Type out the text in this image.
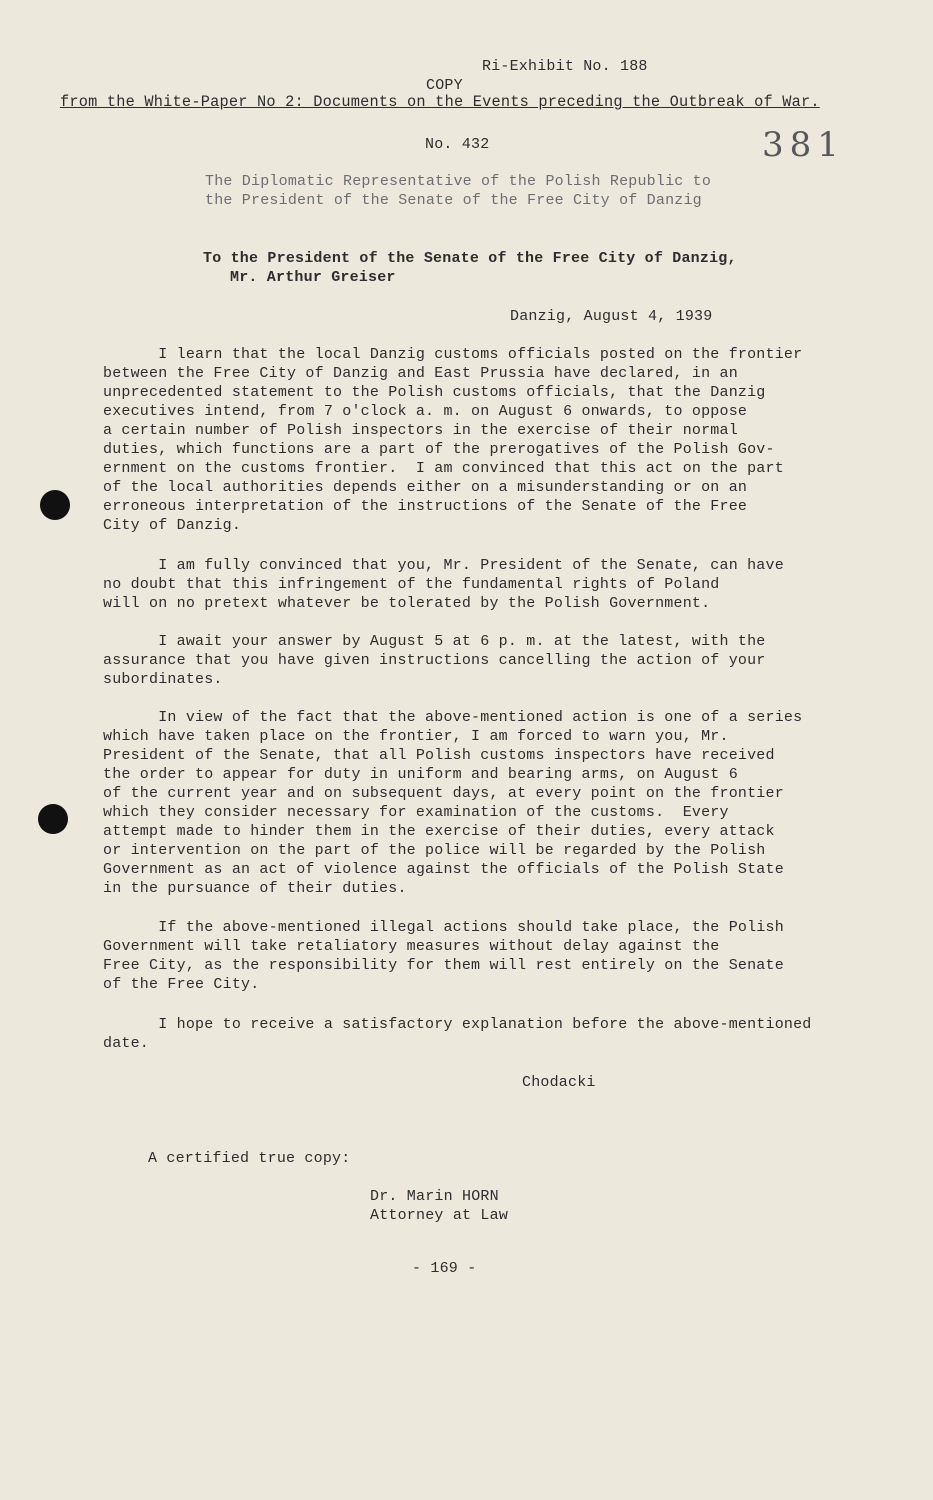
Ri-Exhibit No. 188
COPY
from the White-Paper No 2: Documents on the Events preceding the Outbreak of War.
No. 432	381
The Diplomatic Representative of the Polish Republic to
the President of the Senate of the Free City of Danzig
To the President of the Senate of the Free City of Danzig,
Mr. Arthur Greiser
Danzig, August 4, 1939
I learn that the local Danzig customs officials posted on the frontier
between the Free City of Danzig and East Prussia have declared, in an
unprecedented statement to the Polish customs officials, that the Danzig
executives intend, from 7 o'clock a. m. on August 6 onwards, to oppose
a certain number of Polish inspectors in the exercise of their normal
duties, which functions are a part of the prerogatives of the Polish Gov-
ernment on the customs frontier.  I am convinced that this act on the part
of the local authorities depends either on a misunderstanding or on an
erroneous interpretation of the instructions of the Senate of the Free
City of Danzig.
I am fully convinced that you, Mr. President of the Senate, can have
no doubt that this infringement of the fundamental rights of Poland
will on no pretext whatever be tolerated by the Polish Government.
I await your answer by August 5 at 6 p. m. at the latest, with the
assurance that you have given instructions cancelling the action of your
subordinates.
In view of the fact that the above-mentioned action is one of a series
which have taken place on the frontier, I am forced to warn you, Mr.
President of the Senate, that all Polish customs inspectors have received
the order to appear for duty in uniform and bearing arms, on August 6
of the current year and on subsequent days, at every point on the frontier
which they consider necessary for examination of the customs.  Every
attempt made to hinder them in the exercise of their duties, every attack
or intervention on the part of the police will be regarded by the Polish
Government as an act of violence against the officials of the Polish State
in the pursuance of their duties.
If the above-mentioned illegal actions should take place, the Polish
Government will take retaliatory measures without delay against the
Free City, as the responsibility for them will rest entirely on the Senate
of the Free City.
I hope to receive a satisfactory explanation before the above-mentioned
date.
Chodacki
A certified true copy:
Dr. Marin HORN
Attorney at Law
- 169 -
